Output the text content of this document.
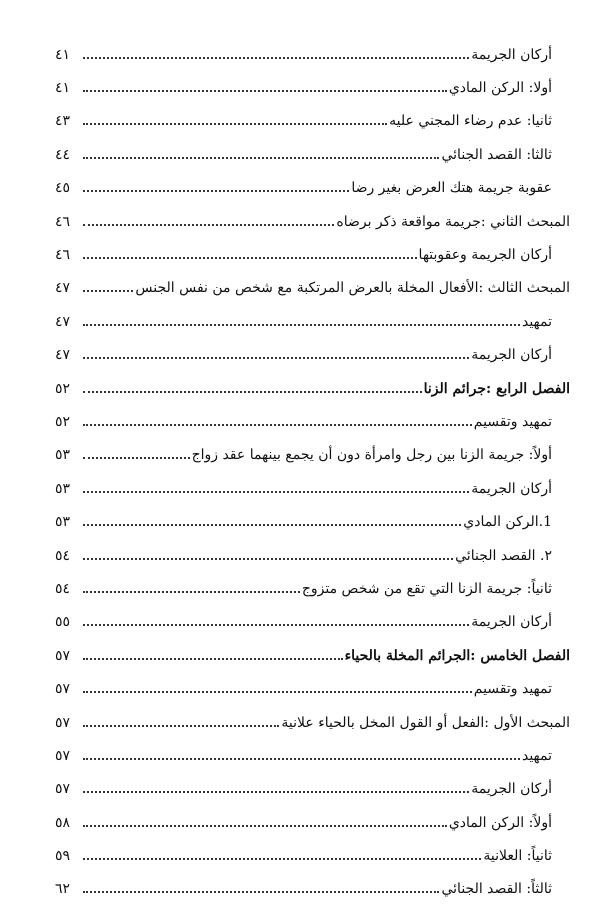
٤١	أركان الجريمة
٤١	أولا: الركن المادي
٤٣	ثانيا: عدم رضاء المجني عليه
٤٤	ثالثا: القصد الجنائي
٤٥	عقوبة جريمة هتك العرض بغير رضا
٤٦	المبحث الثاني :جريمة مواقعة ذكر برضاه
٤٦	أركان الجريمة وعقوبتها
٤٧	المبحث الثالث :الأفعال المخلة بالعرض المرتكبة مع شخص من نفس الجنس
٤٧	تمهيد
٤٧	أركان الجريمة
٥٢	الفصل الرابع :جرائم الزنا
٥٢	تمهيد وتقسيم
٥٣	أولاً: جريمة الزنا بين رجل وامرأة دون أن يجمع بينهما عقد زواج
٥٣	أركان الجريمة
٥٣	1.الركن المادي
٥٤	٢. القصد الجنائي
٥٤	ثانياً: جريمة الزنا التي تقع من شخص متزوج
٥٥	أركان الجريمة
٥٧	الفصل الخامس :الجرائم المخلة بالحياء
٥٧	تمهيد وتقسيم
٥٧	المبحث الأول :الفعل أو القول المخل بالحياء علانية
٥٧	تمهيد
٥٧	أركان الجريمة
٥٨	أولاً: الركن المادي
٥٩	ثانياً: العلانية
٦٢	ثالثاً: القصد الجنائي
